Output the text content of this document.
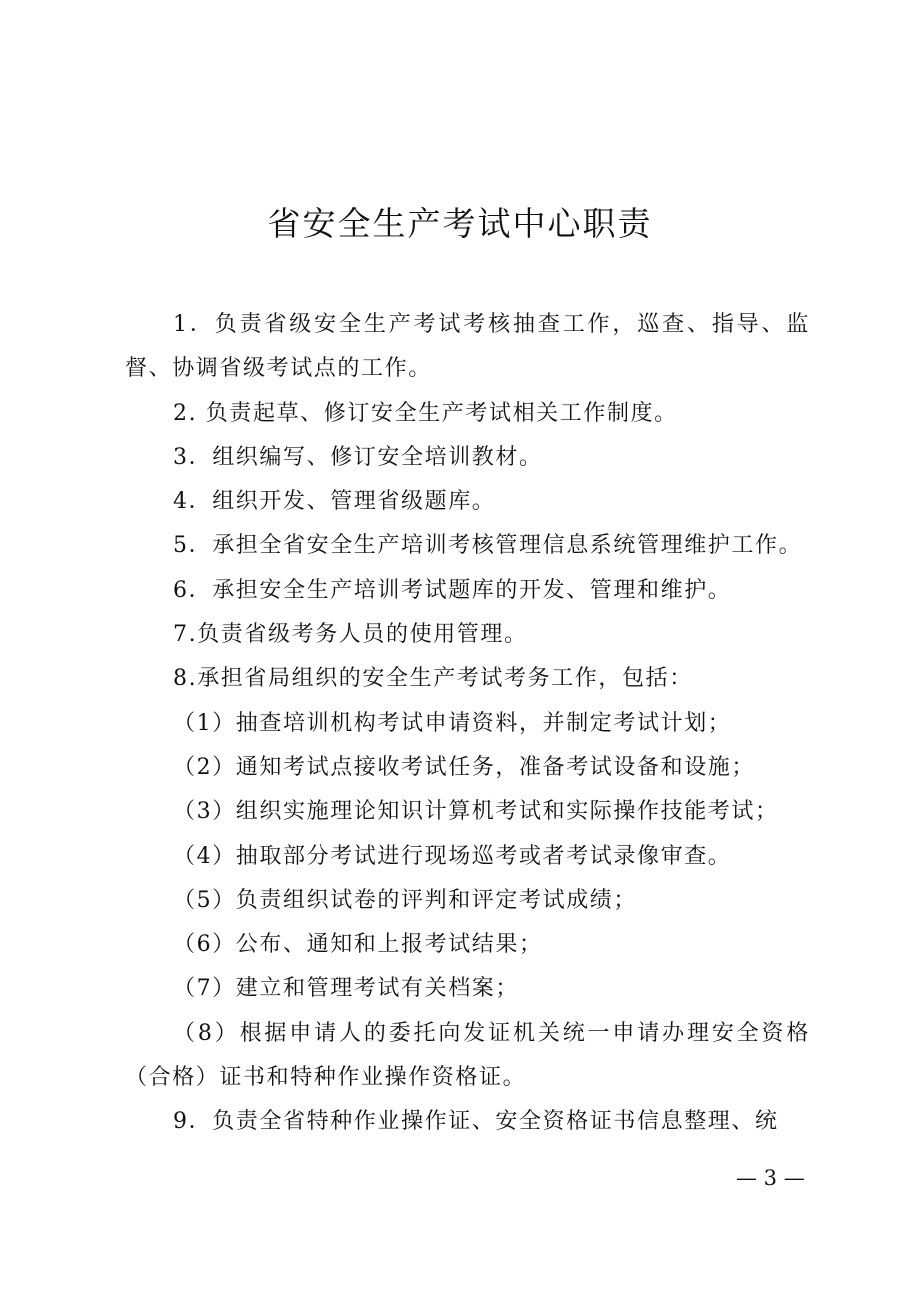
省安全生产考试中心职责

1．负责省级安全生产考试考核抽查工作，巡查、指导、监督、协调省级考试点的工作。

2. 负责起草、修订安全生产考试相关工作制度。

3．组织编写、修订安全培训教材。

4．组织开发、管理省级题库。

5．承担全省安全生产培训考核管理信息系统管理维护工作。

6．承担安全生产培训考试题库的开发、管理和维护。

7.负责省级考务人员的使用管理。

8.承担省局组织的安全生产考试考务工作，包括：

（1）抽查培训机构考试申请资料，并制定考试计划；

（2）通知考试点接收考试任务，准备考试设备和设施；

（3）组织实施理论知识计算机考试和实际操作技能考试；

（4）抽取部分考试进行现场巡考或者考试录像审查。

（5）负责组织试卷的评判和评定考试成绩；

（6）公布、通知和上报考试结果；

（7）建立和管理考试有关档案；

（8）根据申请人的委托向发证机关统一申请办理安全资格（合格）证书和特种作业操作资格证。

9．负责全省特种作业操作证、安全资格证书信息整理、统

— 3 —
